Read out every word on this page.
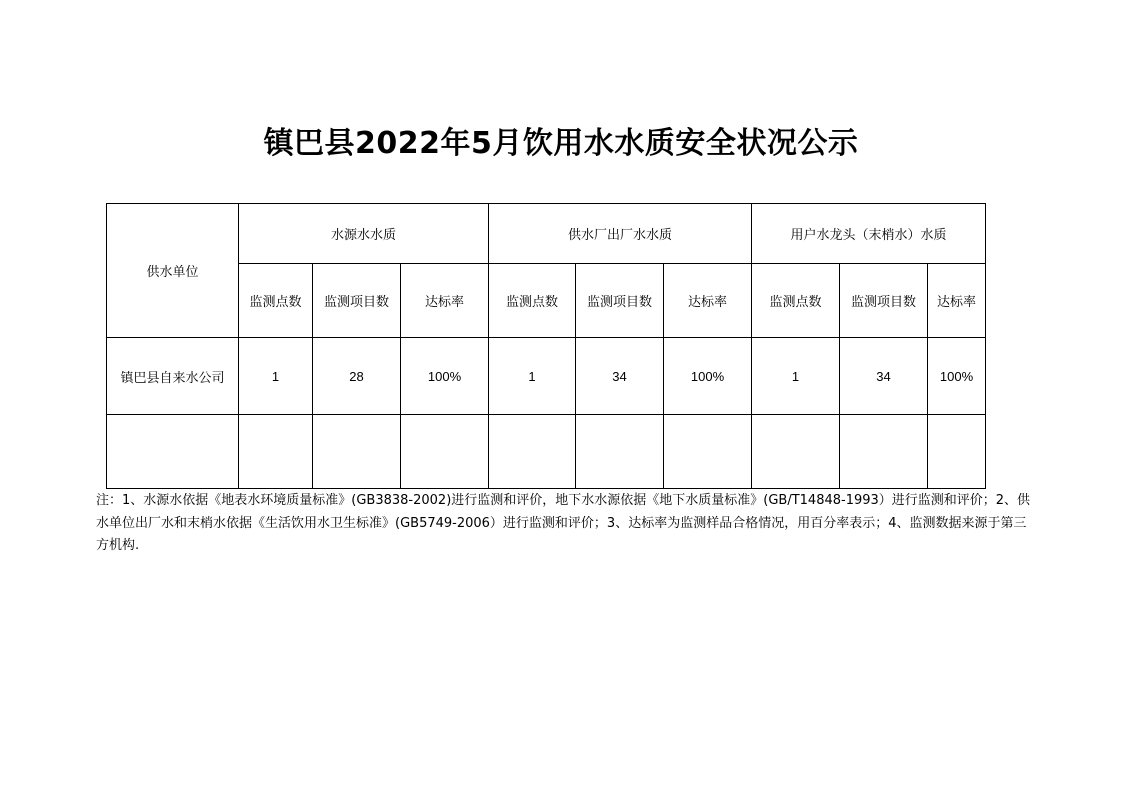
镇巴县2022年5月饮用水水质安全状况公示
供水单位	水源水水质			供水厂出厂水水质			用户水龙头（末梢水）水质		
	监测点数	监测项目数	达标率	监测点数	监测项目数	达标率	监测点数	监测项目数	达标率
镇巴县自来水公司	1	28	100%	1	34	100%	1	34	100%

注：1、水源水依据《地表水环境质量标准》(GB3838-2002)进行监测和评价，地下水水源依据《地下水质量标准》(GB/T14848-1993）进行监测和评价；2、供水单位出厂水和末梢水依据《生活饮用水卫生标准》(GB5749-2006）进行监测和评价；3、达标率为监测样品合格情况，用百分率表示；4、监测数据来源于第三方机构.
